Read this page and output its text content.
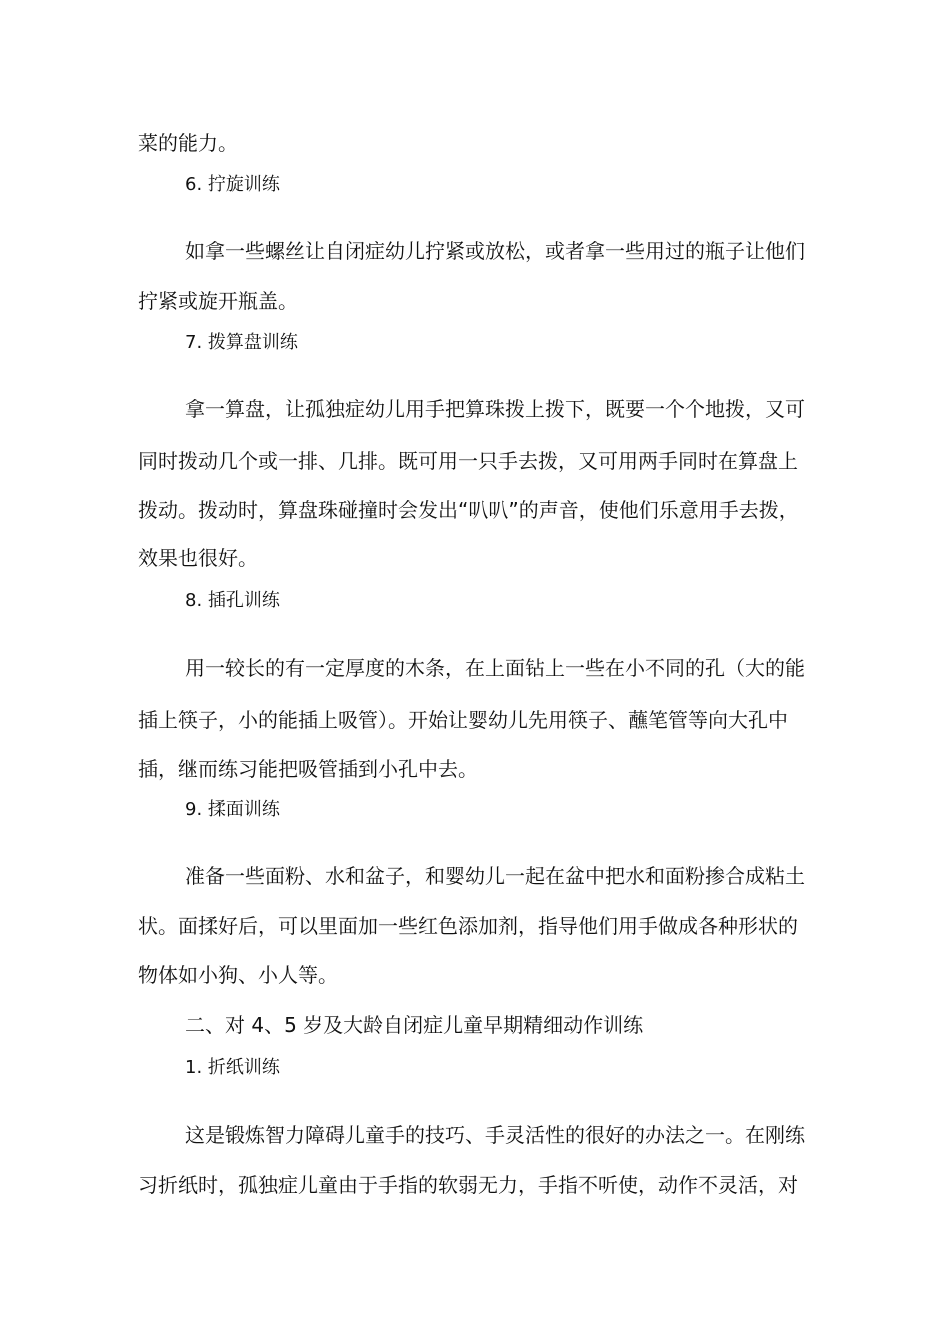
菜的能力。
6. 拧旋训练
如拿一些螺丝让自闭症幼儿拧紧或放松，或者拿一些用过的瓶子让他们
拧紧或旋开瓶盖。
7. 拨算盘训练
拿一算盘，让孤独症幼儿用手把算珠拨上拨下，既要一个个地拨，又可
同时拨动几个或一排、几排。既可用一只手去拨，又可用两手同时在算盘上
拨动。拨动时，算盘珠碰撞时会发出“叭叭”的声音，使他们乐意用手去拨，
效果也很好。
8. 插孔训练
用一较长的有一定厚度的木条，在上面钻上一些在小不同的孔（大的能
插上筷子，小的能插上吸管）。开始让婴幼儿先用筷子、蘸笔管等向大孔中
插，继而练习能把吸管插到小孔中去。
9. 揉面训练
准备一些面粉、水和盆子，和婴幼儿一起在盆中把水和面粉掺合成粘土
状。面揉好后，可以里面加一些红色添加剂，指导他们用手做成各种形状的
物体如小狗、小人等。
二、对 4、5 岁及大龄自闭症儿童早期精细动作训练
1. 折纸训练
这是锻炼智力障碍儿童手的技巧、手灵活性的很好的办法之一。在刚练
习折纸时，孤独症儿童由于手指的软弱无力，手指不听使，动作不灵活，对
